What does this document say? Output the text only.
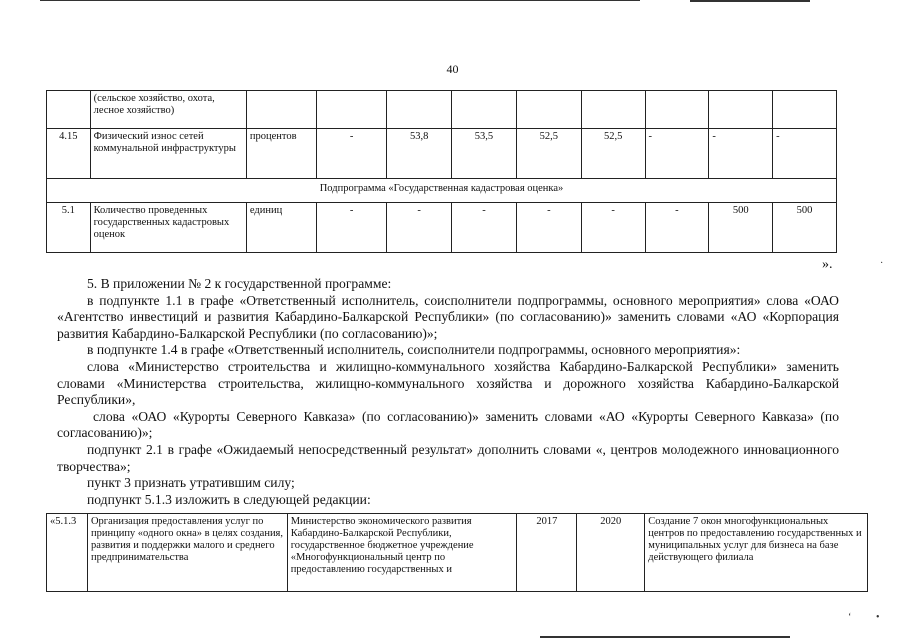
40
	(сельское хозяйство, охота, лесное хозяйство)									
4.15	Физический износ сетей коммунальной инфраструктуры	процентов	-	53,8	53,5	52,5	52,5	-	-	-
Подпрограмма «Государственная кадастровая оценка»										
5.1	Количество проведенных государственных кадастровых оценок	единиц	-	-	-	-	-	-	500	500
».

5. В приложении № 2 к государственной программе:

в подпункте 1.1 в графе «Ответственный исполнитель, соисполнители подпрограммы, основного мероприятия» слова «ОАО «Агентство инвестиций и развития Кабардино-Балкарской Республики» (по согласованию)» заменить словами «АО «Корпорация развития Кабардино-Балкарской Республики (по согласованию)»;

в подпункте 1.4 в графе «Ответственный исполнитель, соисполнители подпрограммы, основного мероприятия»:

слова «Министерство строительства и жилищно-коммунального хозяйства Кабардино-Балкарской Республики» заменить словами «Министерства строительства, жилищно-коммунального хозяйства и дорожного хозяйства Кабардино-Балкарской Республики»,

слова «ОАО «Курорты Северного Кавказа» (по согласованию)» заменить словами «АО «Курорты Северного Кавказа» (по согласованию)»;

подпункт 2.1 в графе «Ожидаемый непосредственный результат» дополнить словами «, центров молодежного инновационного творчества»;

пункт 3 признать утратившим силу;

подпункт 5.1.3 изложить в следующей редакции:

«5.1.3	Организация предоставления услуг по принципу «одного окна» в целях создания, развития и поддержки малого и среднего предпринимательства	Министерство экономического развития Кабардино-Балкарской Республики, государственное бюджетное учреждение «Многофункциональный центр по предоставлению государственных и	2017	2020	Создание 7 окон многофункциональных центров по предоставлению государственных и муниципальных услуг для бизнеса на базе действующего филиала
‘ •
·
